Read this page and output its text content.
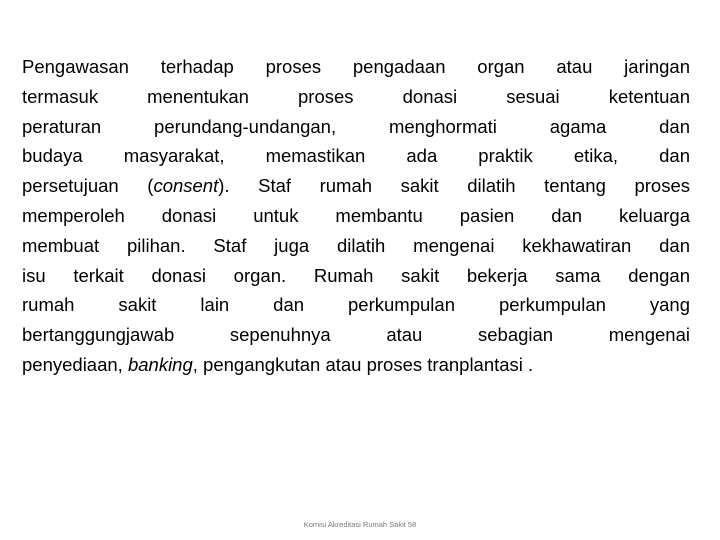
Pengawasan terhadap proses pengadaan organ atau jaringan
termasuk menentukan proses donasi sesuai ketentuan
peraturan perundang-undangan, menghormati agama dan
budaya masyarakat, memastikan ada praktik etika, dan
persetujuan (consent). Staf rumah sakit dilatih tentang proses
memperoleh donasi untuk membantu pasien dan keluarga
membuat pilihan. Staf juga dilatih mengenai kekhawatiran dan
isu terkait donasi organ. Rumah sakit bekerja sama dengan
rumah sakit lain dan perkumpulan perkumpulan yang
bertanggungjawab sepenuhnya atau sebagian mengenai
penyediaan, banking, pengangkutan atau proses tranplantasi .
Komisi Akreditasi Rumah Sakit 58
